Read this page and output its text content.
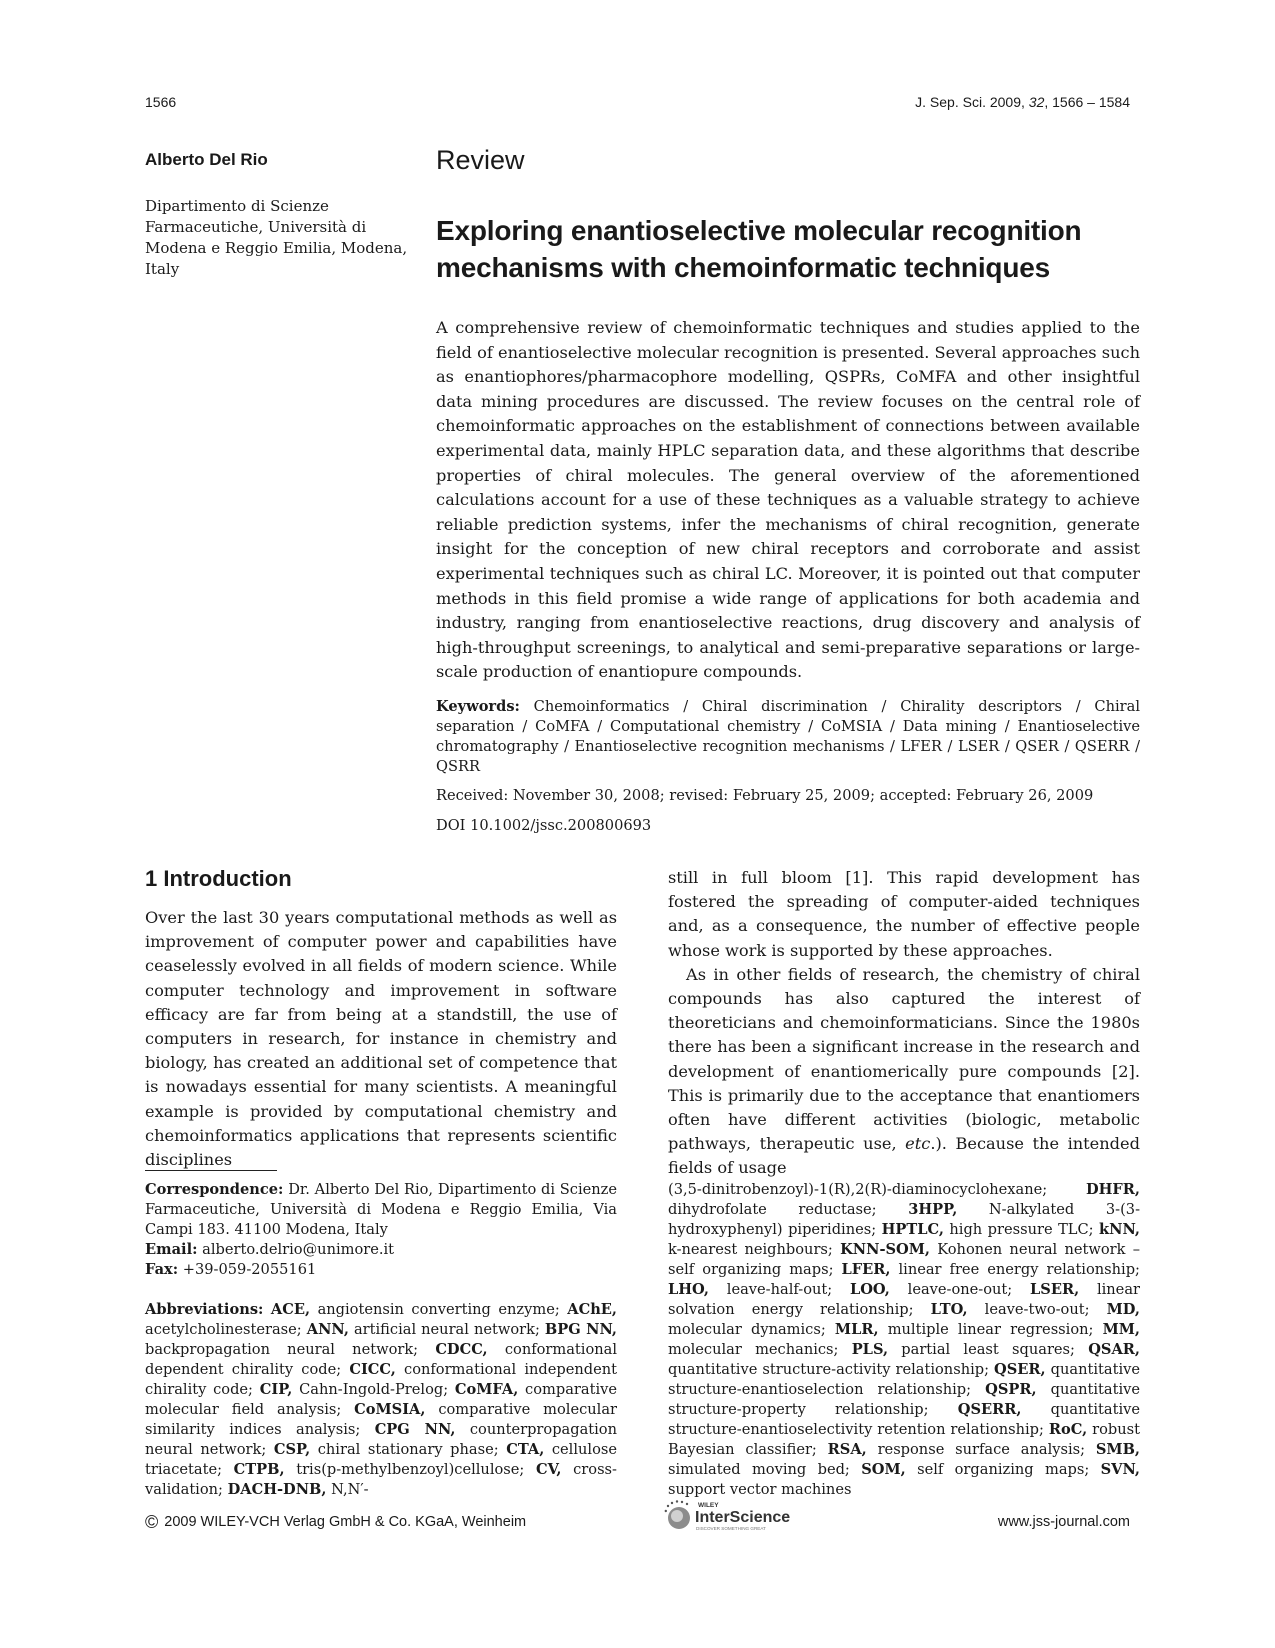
1566	J. Sep. Sci. 2009, 32, 1566 – 1584
Alberto Del Rio
Dipartimento di Scienze Farmaceutiche, Università di Modena e Reggio Emilia, Modena, Italy
Review
Exploring enantioselective molecular recognition
mechanisms with chemoinformatic techniques

A comprehensive review of chemoinformatic techniques and studies applied to the field of enantioselective molecular recognition is presented. Several approaches such as enantiophores/pharmacophore modelling, QSPRs, CoMFA and other insightful data mining procedures are discussed. The review focuses on the central role of chemoinformatic approaches on the establishment of connections between available experimental data, mainly HPLC separation data, and these algorithms that describe properties of chiral molecules. The general overview of the aforementioned calculations account for a use of these techniques as a valuable strategy to achieve reliable prediction systems, infer the mechanisms of chiral recognition, generate insight for the conception of new chiral receptors and corroborate and assist experimental techniques such as chiral LC. Moreover, it is pointed out that computer methods in this field promise a wide range of applications for both academia and industry, ranging from enantioselective reactions, drug discovery and analysis of high-throughput screenings, to analytical and semi-preparative separations or large-scale production of enantiopure compounds.

Keywords: Chemoinformatics / Chiral discrimination / Chirality descriptors / Chiral separation / CoMFA / Computational chemistry / CoMSIA / Data mining / Enantioselective chromatography / Enantioselective recognition mechanisms / LFER / LSER / QSER / QSERR / QSRR
Received: November 30, 2008; revised: February 25, 2009; accepted: February 26, 2009
DOI 10.1002/jssc.200800693
1 Introduction

Over the last 30 years computational methods as well as improvement of computer power and capabilities have ceaselessly evolved in all fields of modern science. While computer technology and improvement in software efficacy are far from being at a standstill, the use of computers in research, for instance in chemistry and biology, has created an additional set of competence that is nowadays essential for many scientists. A meaningful example is provided by computational chemistry and chemoinformatics applications that represents scientific disciplines

still in full bloom [1]. This rapid development has fostered the spreading of computer-aided techniques and, as a consequence, the number of effective people whose work is supported by these approaches.

As in other fields of research, the chemistry of chiral compounds has also captured the interest of theoreticians and chemoinformaticians. Since the 1980s there has been a significant increase in the research and development of enantiomerically pure compounds [2]. This is primarily due to the acceptance that enantiomers often have different activities (biologic, metabolic pathways, therapeutic use, etc.). Because the intended fields of usage

Correspondence: Dr. Alberto Del Rio, Dipartimento di Scienze Farmaceutiche, Università di Modena e Reggio Emilia, Via Campi 183. 41100 Modena, Italy
Email: alberto.delrio@unimore.it
Fax: +39-059-2055161
Abbreviations: ACE, angiotensin converting enzyme; AChE, acetylcholinesterase; ANN, artificial neural network; BPG NN, backpropagation neural network; CDCC, conformational dependent chirality code; CICC, conformational independent chirality code; CIP, Cahn-Ingold-Prelog; CoMFA, comparative molecular field analysis; CoMSIA, comparative molecular similarity indices analysis; CPG NN, counterpropagation neural network; CSP, chiral stationary phase; CTA, cellulose triacetate; CTPB, tris(p-methylbenzoyl)cellulose; CV, cross-validation; DACH-DNB, N,N′-
(3,5-dinitrobenzoyl)-1(R),2(R)-diaminocyclohexane; DHFR, dihydrofolate reductase; 3HPP, N-alkylated 3-(3-hydroxyphenyl) piperidines; HPTLC, high pressure TLC; kNN, k-nearest neighbours; KNN-SOM, Kohonen neural network – self organizing maps; LFER, linear free energy relationship; LHO, leave-half-out; LOO, leave-one-out; LSER, linear solvation energy relationship; LTO, leave-two-out; MD, molecular dynamics; MLR, multiple linear regression; MM, molecular mechanics; PLS, partial least squares; QSAR, quantitative structure-activity relationship; QSER, quantitative structure-enantioselection relationship; QSPR, quantitative structure-property relationship; QSERR, quantitative structure-enantioselectivity retention relationship; RoC, robust Bayesian classifier; RSA, response surface analysis; SMB, simulated moving bed; SOM, self organizing maps; SVN, support vector machines
© 2009 WILEY-VCH Verlag GmbH & Co. KGaA, Weinheim
WILEY
InterScience
DISCOVER SOMETHING GREAT	www.jss-journal.com
